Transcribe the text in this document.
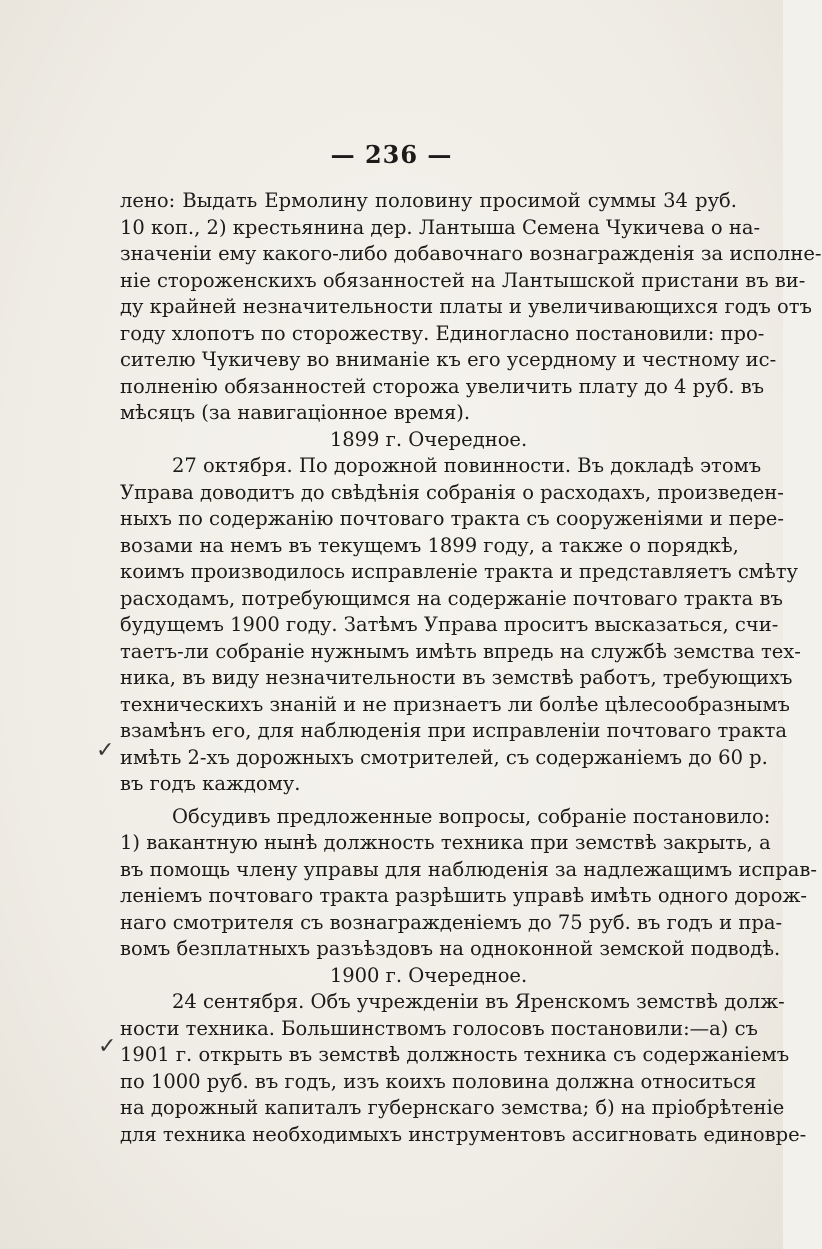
— 236 —
лено: Выдать Ермолину половину просимой суммы 34 руб.
10 коп., 2) крестьянина дер. Лантыша Семена Чукичева о на-
значеніи ему какого-либо добавочнаго вознагражденія за исполне-
ніе стороженскихъ обязанностей на Лантышской пристани въ ви-
ду крайней незначительности платы и увеличивающихся годъ отъ
году хлопотъ по сторожеству. Единогласно постановили: про-
сителю Чукичеву во вниманіе къ его усердному и честному ис-
полненію обязанностей сторожа увеличить плату до 4 руб. въ
мѣсяцъ (за навигаціонное время).
1899 г. Очередное.
27 октября. По дорожной повинности. Въ докладѣ этомъ
Управа доводитъ до свѣдѣнія собранія о расходахъ, произведен-
ныхъ по содержанію почтоваго тракта съ сооруженіями и пере-
возами на немъ въ текущемъ 1899 году, а также о порядкѣ,
коимъ производилось исправленіе тракта и представляетъ смѣту
расходамъ, потребующимся на содержаніе почтоваго тракта въ
будущемъ 1900 году. Затѣмъ Управа проситъ высказаться, счи-
таетъ-ли собраніе нужнымъ имѣть впредь на службѣ земства тех-
ника, въ виду незначительности въ земствѣ работъ, требующихъ
техническихъ знаній и не признаетъ ли болѣе цѣлесообразнымъ
взамѣнъ его, для наблюденія при исправленіи почтоваго тракта
имѣть 2-хъ дорожныхъ смотрителей, съ содержаніемъ до 60 р.
въ годъ каждому.
Обсудивъ предложенные вопросы, собраніе постановило:
1) вакантную нынѣ должность техника при земствѣ закрыть, а
въ помощь члену управы для наблюденія за надлежащимъ исправ-
леніемъ почтоваго тракта разрѣшить управѣ имѣть одного дорож-
наго смотрителя съ вознагражденіемъ до 75 руб. въ годъ и пра-
вомъ безплатныхъ разъѣздовъ на одноконной земской подводѣ.
1900 г. Очередное.
24 сентября. Объ учрежденіи въ Яренскомъ земствѣ долж-
ности техника. Большинствомъ голосовъ постановили:—а) съ
1901 г. открыть въ земствѣ должность техника съ содержаніемъ
по 1000 руб. въ годъ, изъ коихъ половина должна относиться
на дорожный капиталъ губернскаго земства; б) на пріобрѣтеніе
для техника необходимыхъ инструментовъ ассигновать единовре-
✓
✓
